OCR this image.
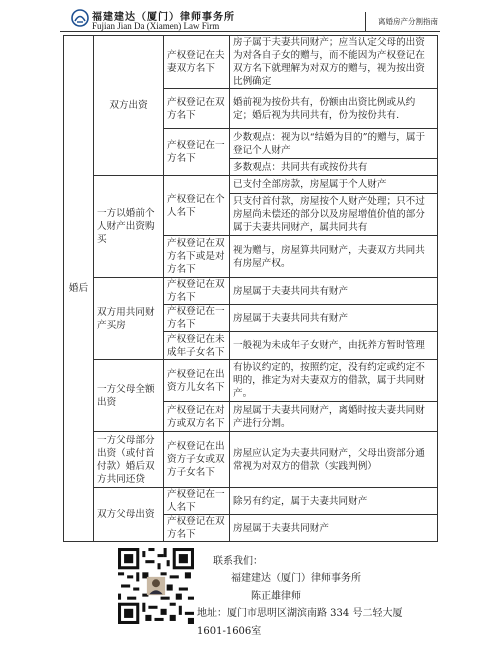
福建建达（厦门）律师事务所
Fujian Jian Da (Xiamen) Law Firm	离婚房产分割指南
婚后	双方出资	产权登记在夫妻双方名下	房子属于夫妻共同财产；应当认定父母的出资为对各自子女的赠与，而不能因为产权登记在双方名下就理解为对双方的赠与，视为按出资比例确定
		产权登记在双方名下	婚前视为按份共有，份额由出资比例或从约定；婚后视为共同共有，份为按份共有.
		产权登记在一方名下	少数观点：视为以“结婚为目的”的赠与，属于登记个人财产
			多数观点：共同共有或按份共有
	一方以婚前个人财产出资购买	产权登记在个人名下	已支付全部房款，房屋属于个人财产
			只支付首付款，房屋按个人财产处理；只不过房屋尚未偿还的部分以及房屋增值价值的部分属于夫妻共同财产，属共同共有
		产权登记在双方名下或是对方名下	视为赠与，房屋算共同财产，夫妻双方共同共有房屋产权。
	双方用共同财产买房	产权登记在双方名下	房屋属于夫妻共同共有财产
		产权登记在一方名下	房屋属于夫妻共同共有财产
		产权登记在未成年子女名下	一般视为未成年子女财产，由抚养方暂时管理
	一方父母全额出资	产权登记在出资方儿女名下	有协议约定的，按照约定，没有约定或约定不明的，推定为对夫妻双方的借款，属于共同财产。
		产权登记在对方或双方名下	房屋属于夫妻共同财产，离婚时按夫妻共同财产进行分割。
	一方父母部分出资（或付首付款）婚后双方共同还贷	产权登记在出资方子女或双方子女名下	房屋应认定为夫妻共同财产，父母出资部分通常视为对双方的借款（实践判例）
	双方父母出资	产权登记在一人名下	除另有约定，属于夫妻共同财产
		产权登记在双方名下	房屋属于夫妻共同财产
联系我们：
福建建达（厦门）律师事务所
陈正雄律师
地址：厦门市思明区湖滨南路 334 号二轻大厦
1601-1606室
